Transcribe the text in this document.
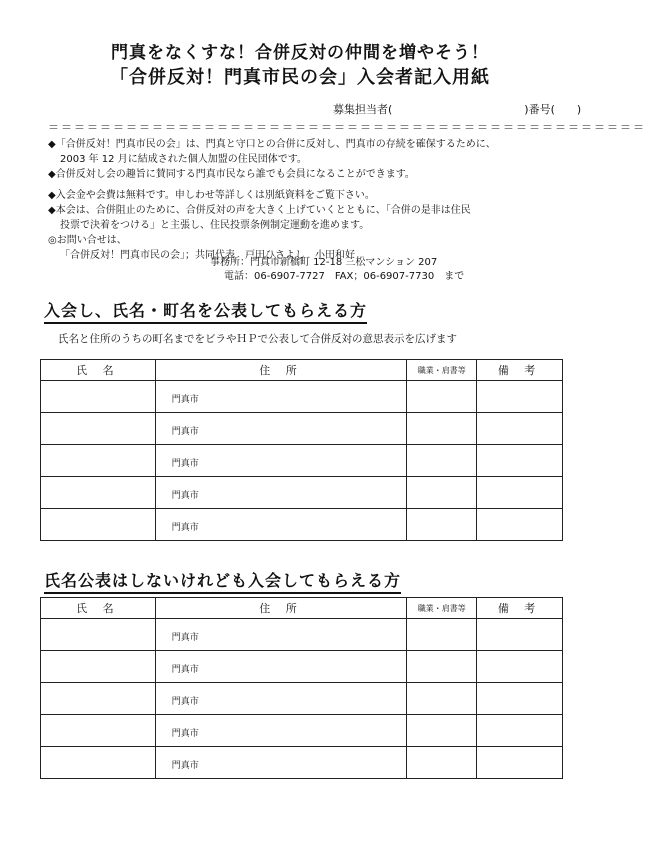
門真をなくすな！合併反対の仲間を増やそう！
「合併反対！門真市民の会」入会者記入用紙
募集担当者(　　　　　　　　　　　　	)番号(　　 )
＝＝＝＝＝＝＝＝＝＝＝＝＝＝＝＝＝＝＝＝＝＝＝＝＝＝＝＝＝＝＝＝＝＝＝＝＝＝＝＝＝＝＝＝＝＝

◆「合併反対！門真市民の会」は、門真と守口との合併に反対し、門真市の存続を確保するために、

2003 年 12 月に結成された個人加盟の住民団体です。

◆合併反対し会の趣旨に賛同する門真市民なら誰でも会員になることができます。

◆入会金や会費は無料です。申しわせ等詳しくは別紙資料をご覧下さい。

◆本会は、合併阻止のために、合併反対の声を大きく上げていくとともに、「合併の是非は住民

投票で決着をつける」と主張し、住民投票条例制定運動を進めます。

◎お問い合せは、

「合併反対！門真市民の会」；共同代表　戸田ひさよし　小田和好

事務所：門真市新橋町 12-18 三松マンション 207
電話：06-6907-7727　FAX；06-6907-7730　まで
入会し、氏名・町名を公表してもらえる方
氏名と住所のうちの町名までをビラやＨＰで公表して合併反対の意思表示を広げます
氏 名	住 所	職業・肩書等	備 考
	門真市		
	門真市		
	門真市		
	門真市		
	門真市		
氏名公表はしないけれども入会してもらえる方
氏 名	住 所	職業・肩書等	備 考
	門真市		
	門真市		
	門真市		
	門真市		
	門真市		
